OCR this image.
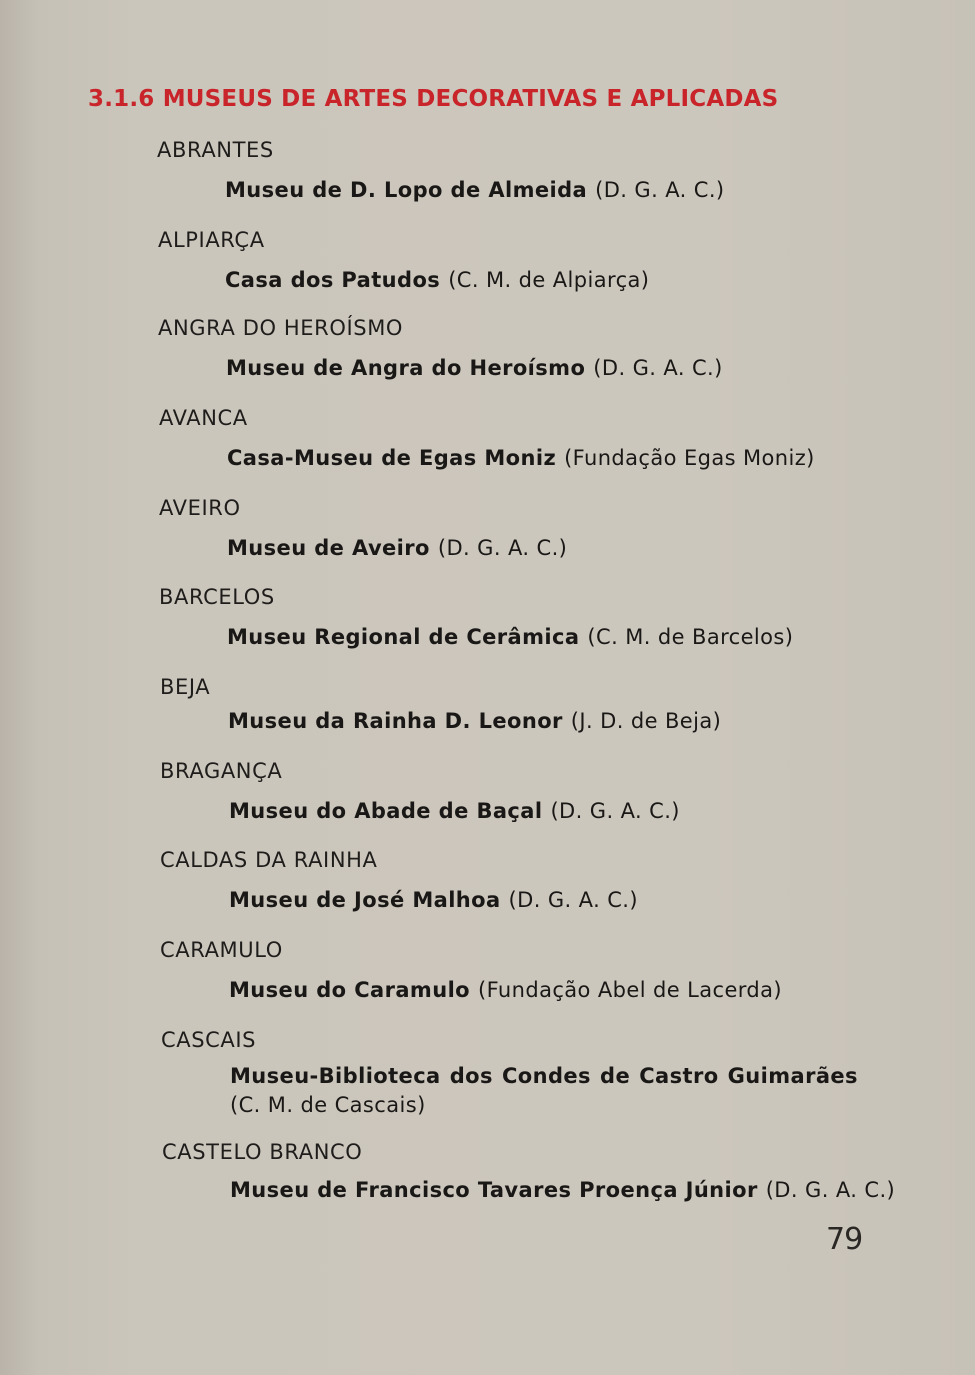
3.1.6 MUSEUS DE ARTES DECORATIVAS E APLICADAS
ABRANTES
Museu de D. Lopo de Almeida (D. G. A. C.)
ALPIARÇA
Casa dos Patudos (C. M. de Alpiarça)
ANGRA DO HEROÍSMO
Museu de Angra do Heroísmo (D. G. A. C.)
AVANCA
Casa-Museu de Egas Moniz (Fundação Egas Moniz)
AVEIRO
Museu de Aveiro (D. G. A. C.)
BARCELOS
Museu Regional de Cerâmica (C. M. de Barcelos)
BEJA
Museu da Rainha D. Leonor (J. D. de Beja)
BRAGANÇA
Museu do Abade de Baçal (D. G. A. C.)
CALDAS DA RAINHA
Museu de José Malhoa (D. G. A. C.)
CARAMULO
Museu do Caramulo (Fundação Abel de Lacerda)
CASCAIS
Museu-Biblioteca dos Condes de Castro Guimarães
(C. M. de Cascais)
CASTELO BRANCO
Museu de Francisco Tavares Proença Júnior (D. G. A. C.)
79
